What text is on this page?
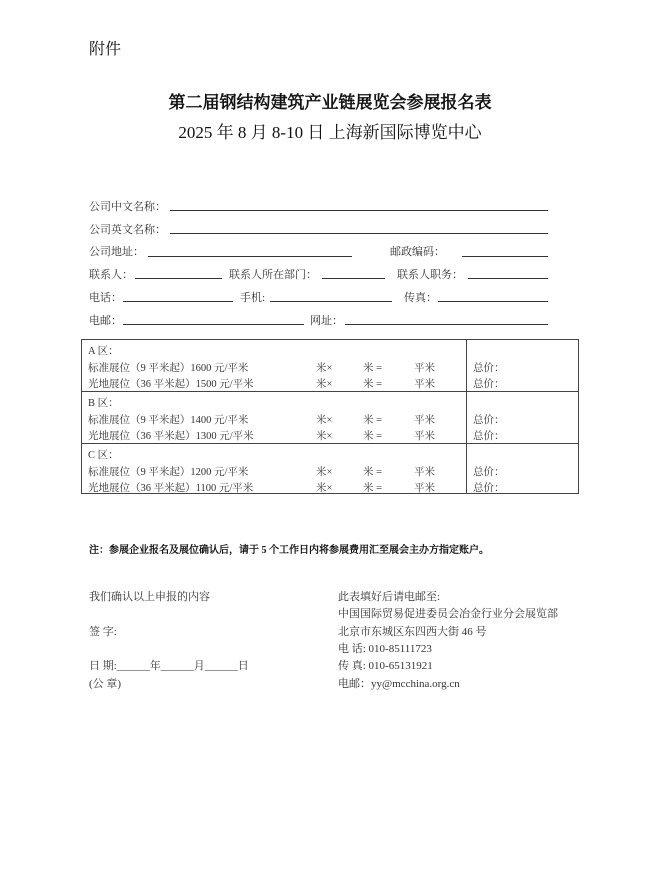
附件
第二届钢结构建筑产业链展览会参展报名表
2025 年 8 月 8-10 日 上海新国际博览中心
公司中文名称：
公司英文名称：
公司地址：	邮政编码：
联系人：	联系人所在部门：	联系人职务：
电话：	手机:	传真：
电邮：	网址：
A 区：
标准展位（9 平米起）1600 元/平米	米×	米 =	平米	总价：
光地展位（36 平米起）1500 元/平米	米×	米 =	平米	总价：
B 区：
标准展位（9 平米起）1400 元/平米	米×	米 =	平米	总价：
光地展位（36 平米起）1300 元/平米	米×	米 =	平米	总价：
C 区：
标准展位（9 平米起）1200 元/平米	米×	米 =	平米	总价：
光地展位（36 平米起）1100 元/平米	米×	米 =	平米	总价：
注：参展企业报名及展位确认后，请于 5 个工作日内将参展费用汇至展会主办方指定账户。
我们确认以上申报的内容
签 字:
日 期:______年______月______日
(公 章)
此表填好后请电邮至:
中国国际贸易促进委员会冶金行业分会展览部
北京市东城区东四西大街 46 号
电 话: 010-85111723
传 真: 010-65131921
电邮：yy@mcchina.org.cn
